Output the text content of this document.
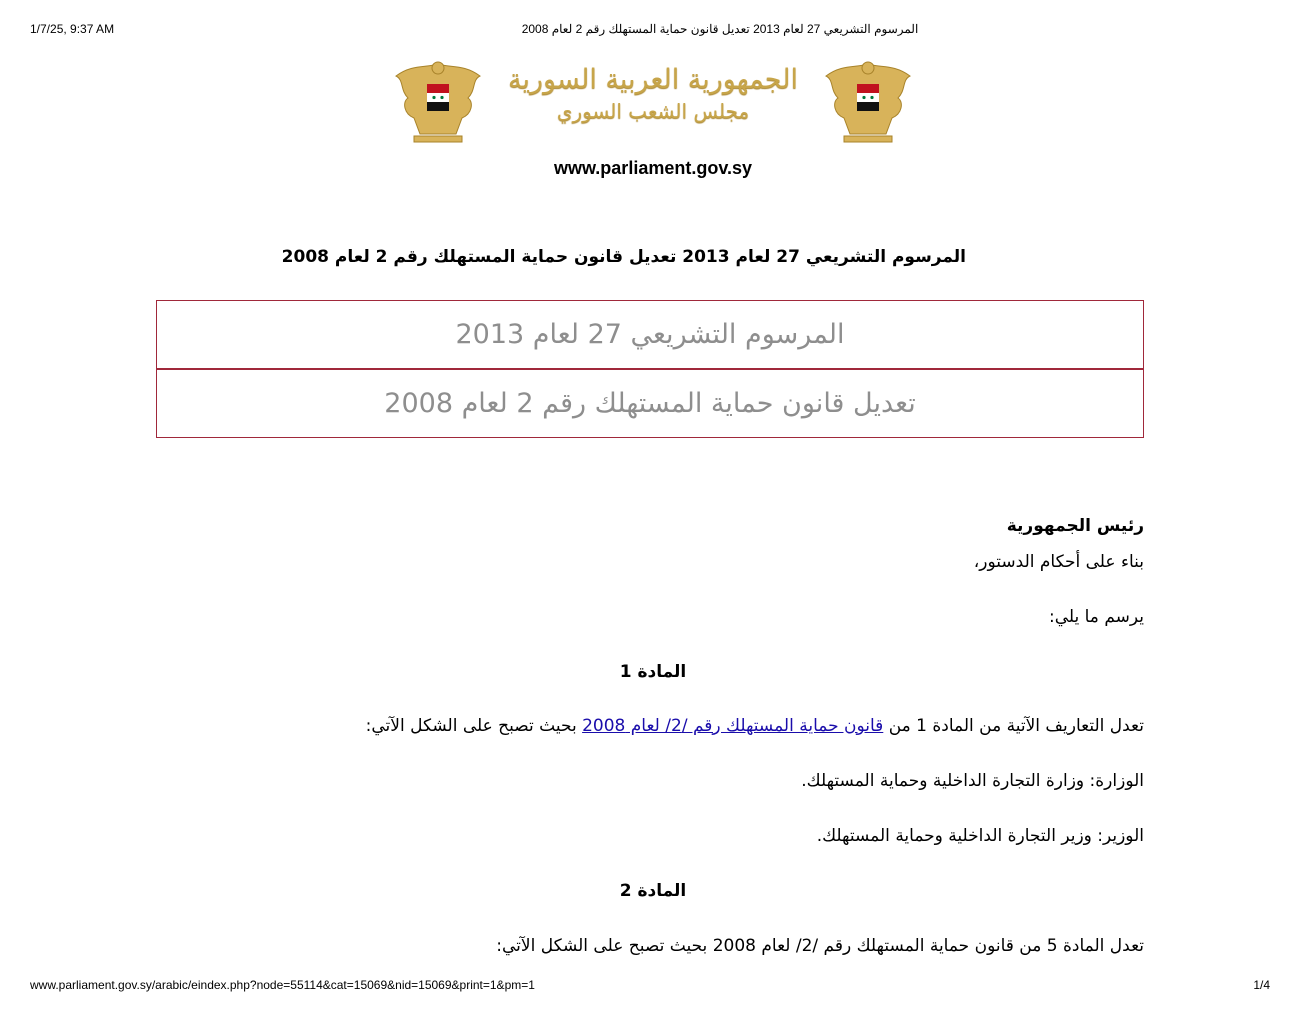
1/7/25, 9:37 AM	المرسوم التشريعي 27 لعام 2013 تعديل قانون حماية المستهلك رقم 2 لعام 2008
الجمهورية العربية السورية
مجلس الشعب السوري
www.parliament.gov.sy
المرسوم التشريعي 27 لعام 2013 تعديل قانون حماية المستهلك رقم 2 لعام 2008
المرسوم التشريعي 27 لعام 2013
تعديل قانون حماية المستهلك رقم 2 لعام 2008
رئيس الجمهورية
بناء على أحكام الدستور،
يرسم ما يلي:
المادة 1
تعدل التعاريف الآتية من المادة 1 من قانون حماية المستهلك رقم /2/ لعام 2008 بحيث تصبح على الشكل الآتي:
الوزارة: وزارة التجارة الداخلية وحماية المستهلك.
الوزير: وزير التجارة الداخلية وحماية المستهلك.
المادة 2
تعدل المادة 5 من قانون حماية المستهلك رقم /2/ لعام 2008 بحيث تصبح على الشكل الآتي:
www.parliament.gov.sy/arabic/eindex.php?node=55114&cat=15069&nid=15069&print=1&pm=1	1/4
